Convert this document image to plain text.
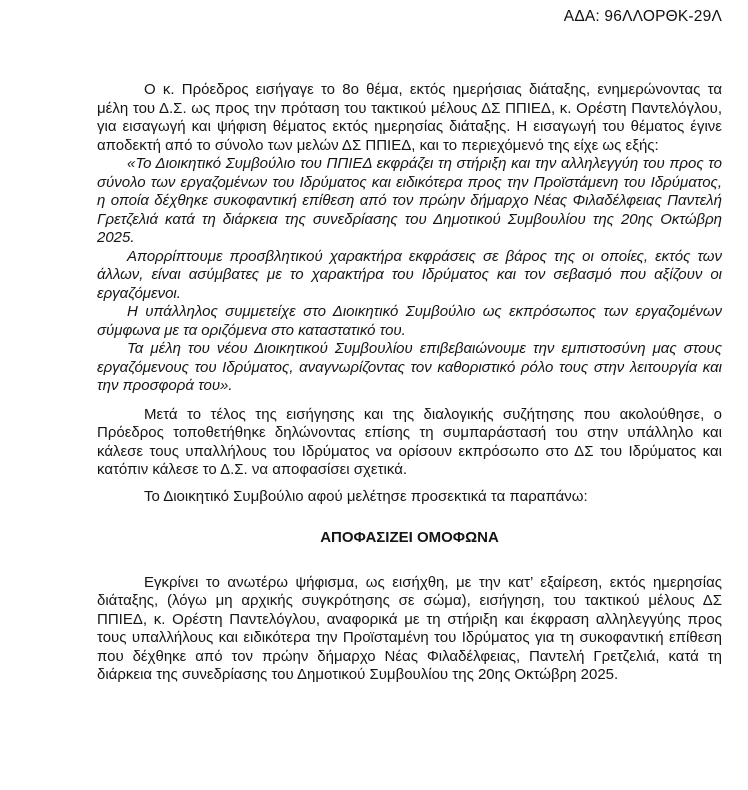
ΑΔΑ: 96ΛΛΟΡΘΚ-29Λ

Ο κ. Πρόεδρος εισήγαγε το 8ο θέμα, εκτός ημερήσιας διάταξης, ενημερώνοντας τα μέλη του Δ.Σ. ως προς την πρόταση του τακτικού μέλους ΔΣ ΠΠΙΕΔ, κ. Ορέστη Παντελόγλου, για εισαγωγή και ψήφιση θέματος εκτός ημερησίας διάταξης. Η εισαγωγή του θέματος έγινε αποδεκτή από το σύνολο των μελών ΔΣ ΠΠΙΕΔ, και το περιεχόμενό της είχε ως εξής:

«Το Διοικητικό Συμβούλιο του ΠΠΙΕΔ εκφράζει τη στήριξη και την αλληλεγγύη του προς το σύνολο των εργαζομένων του Ιδρύματος και ειδικότερα προς την Προϊστάμενη του Ιδρύματος, η οποία δέχθηκε συκοφαντική επίθεση από τον πρώην δήμαρχο Νέας Φιλαδέλφειας Παντελή Γρετζελιά κατά τη διάρκεια της συνεδρίασης του Δημοτικού Συμβουλίου της 20ης Οκτώβρη 2025.

Απορρίπτουμε προσβλητικού χαρακτήρα εκφράσεις σε βάρος της οι οποίες, εκτός των άλλων, είναι ασύμβατες με το χαρακτήρα του Ιδρύματος και τον σεβασμό που αξίζουν οι εργαζόμενοι.

Η υπάλληλος συμμετείχε στο Διοικητικό Συμβούλιο ως εκπρόσωπος των εργαζομένων σύμφωνα με τα οριζόμενα στο καταστατικό του.

Τα μέλη του νέου Διοικητικού Συμβουλίου επιβεβαιώνουμε την εμπιστοσύνη μας στους εργαζόμενους του Ιδρύματος, αναγνωρίζοντας τον καθοριστικό ρόλο τους στην λειτουργία και την προσφορά του».

Μετά το τέλος της εισήγησης και της διαλογικής συζήτησης που ακολούθησε, ο Πρόεδρος τοποθετήθηκε δηλώνοντας επίσης τη συμπαράστασή του στην υπάλληλο και κάλεσε τους υπαλλήλους του Ιδρύματος να ορίσουν εκπρόσωπο στο ΔΣ του Ιδρύματος και κατόπιν κάλεσε το Δ.Σ. να αποφασίσει σχετικά.

Το Διοικητικό Συμβούλιο αφού μελέτησε προσεκτικά τα παραπάνω:

ΑΠΟΦΑΣΙΖΕΙ ΟΜΟΦΩΝΑ

Εγκρίνει το ανωτέρω ψήφισμα, ως εισήχθη, με την κατ’ εξαίρεση, εκτός ημερησίας διάταξης, (λόγω μη αρχικής συγκρότησης σε σώμα), εισήγηση, του τακτικού μέλους ΔΣ ΠΠΙΕΔ, κ. Ορέστη Παντελόγλου, αναφορικά με τη στήριξη και έκφραση αλληλεγγύης προς τους υπαλλήλους και ειδικότερα την Προϊσταμένη του Ιδρύματος για τη συκοφαντική επίθεση που δέχθηκε από τον πρώην δήμαρχο Νέας Φιλαδέλφειας, Παντελή Γρετζελιά, κατά τη διάρκεια της συνεδρίασης του Δημοτικού Συμβουλίου της 20ης Οκτώβρη 2025.
